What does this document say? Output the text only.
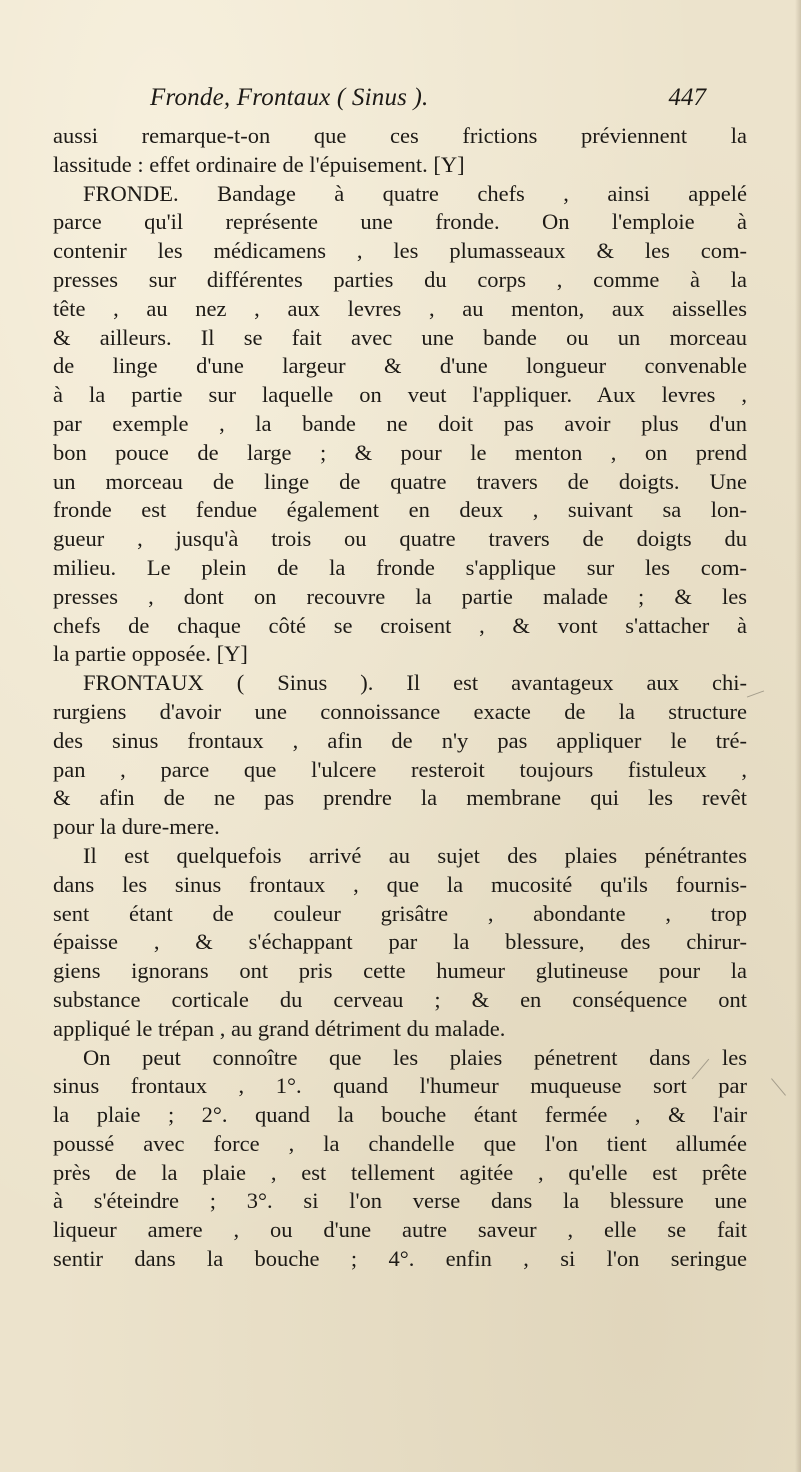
Fronde, Frontaux ( Sinus ).	447
aussi remarque-t-on que ces frictions préviennent la
lassitude : effet ordinaire de l'épuisement. [Y]
FRONDE. Bandage à quatre chefs , ainsi appelé
parce qu'il représente une fronde. On l'emploie à
contenir les médicamens , les plumasseaux & les com-
presses sur différentes parties du corps , comme à la
tête , au nez , aux levres , au menton, aux aisselles
& ailleurs. Il se fait avec une bande ou un morceau
de linge d'une largeur & d'une longueur convenable
à la partie sur laquelle on veut l'appliquer. Aux levres ,
par exemple , la bande ne doit pas avoir plus d'un
bon pouce de large ; & pour le menton , on prend
un morceau de linge de quatre travers de doigts. Une
fronde est fendue également en deux , suivant sa lon-
gueur , jusqu'à trois ou quatre travers de doigts du
milieu. Le plein de la fronde s'applique sur les com-
presses , dont on recouvre la partie malade ; & les
chefs de chaque côté se croisent , & vont s'attacher à
la partie opposée. [Y]
FRONTAUX ( Sinus ). Il est avantageux aux chi-
rurgiens d'avoir une connoissance exacte de la structure
des sinus frontaux , afin de n'y pas appliquer le tré-
pan , parce que l'ulcere resteroit toujours fistuleux ,
& afin de ne pas prendre la membrane qui les revêt
pour la dure-mere.
Il est quelquefois arrivé au sujet des plaies pénétrantes
dans les sinus frontaux , que la mucosité qu'ils fournis-
sent étant de couleur grisâtre , abondante , trop
épaisse , & s'échappant par la blessure, des chirur-
giens ignorans ont pris cette humeur glutineuse pour la
substance corticale du cerveau ; & en conséquence ont
appliqué le trépan , au grand détriment du malade.
On peut connoître que les plaies pénetrent dans les
sinus frontaux , 1°. quand l'humeur muqueuse sort par
la plaie ; 2°. quand la bouche étant fermée , & l'air
poussé avec force , la chandelle que l'on tient allumée
près de la plaie , est tellement agitée , qu'elle est prête
à s'éteindre ; 3°. si l'on verse dans la blessure une
liqueur amere , ou d'une autre saveur , elle se fait
sentir dans la bouche ; 4°. enfin , si l'on seringue
